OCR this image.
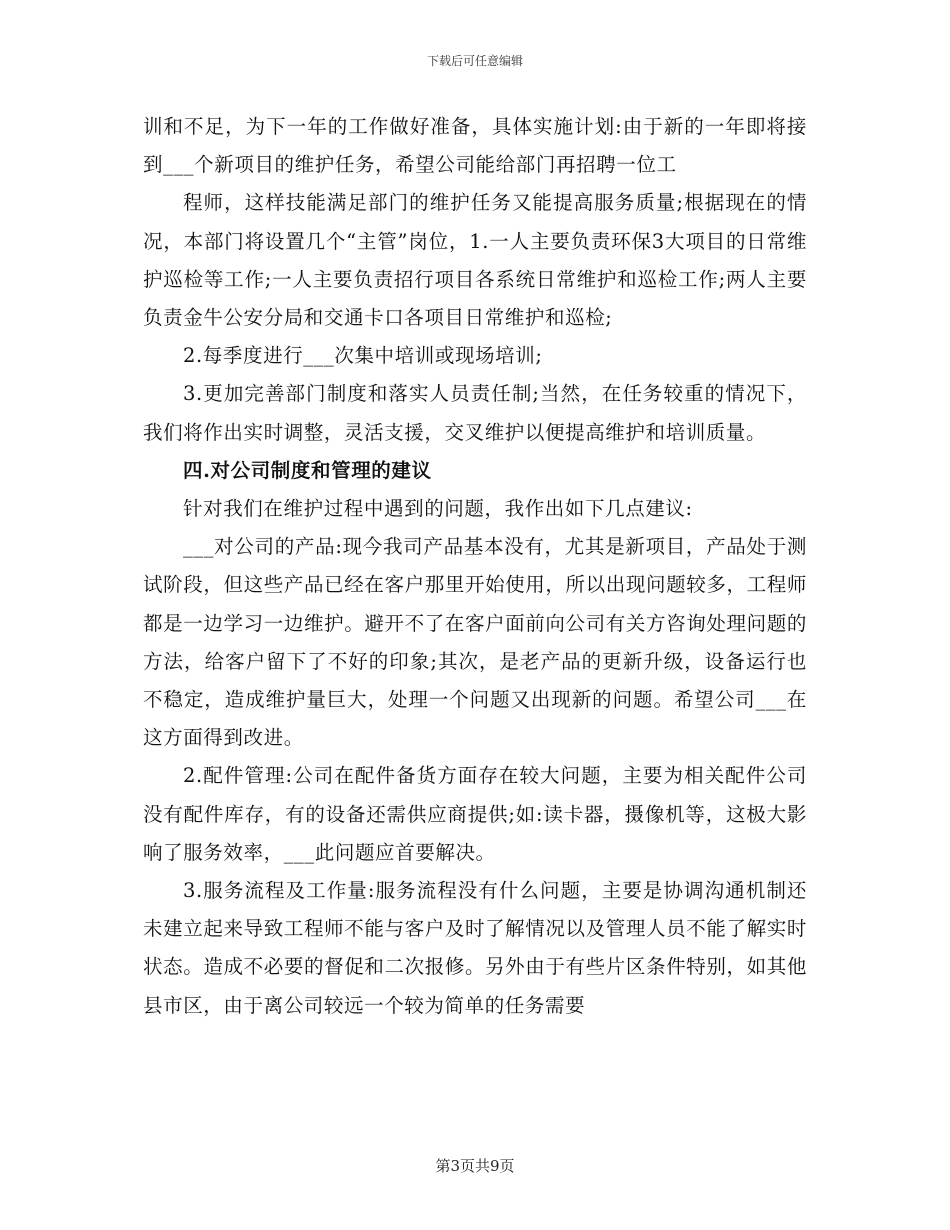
下载后可任意编辑

训和不足，为下一年的工作做好准备，具体实施计划:由于新的一年即将接到___个新项目的维护任务，希望公司能给部门再招聘一位工

程师，这样技能满足部门的维护任务又能提高服务质量;根据现在的情况，本部门将设置几个“主管”岗位，1.一人主要负责环保3大项目的日常维护巡检等工作;一人主要负责招行项目各系统日常维护和巡检工作;两人主要负责金牛公安分局和交通卡口各项目日常维护和巡检;

2.每季度进行___次集中培训或现场培训;

3.更加完善部门制度和落实人员责任制;当然，在任务较重的情况下，我们将作出实时调整，灵活支援，交叉维护以便提高维护和培训质量。

四.对公司制度和管理的建议

针对我们在维护过程中遇到的问题，我作出如下几点建议:

___对公司的产品:现今我司产品基本没有，尤其是新项目，产品处于测试阶段，但这些产品已经在客户那里开始使用，所以出现问题较多，工程师都是一边学习一边维护。避开不了在客户面前向公司有关方咨询处理问题的方法，给客户留下了不好的印象;其次，是老产品的更新升级，设备运行也不稳定，造成维护量巨大，处理一个问题又出现新的问题。希望公司___在这方面得到改进。

2.配件管理:公司在配件备货方面存在较大问题，主要为相关配件公司没有配件库存，有的设备还需供应商提供;如:读卡器，摄像机等，这极大影响了服务效率，___此问题应首要解决。

3.服务流程及工作量:服务流程没有什么问题，主要是协调沟通机制还未建立起来导致工程师不能与客户及时了解情况以及管理人员不能了解实时状态。造成不必要的督促和二次报修。另外由于有些片区条件特别，如其他县市区，由于离公司较远一个较为简单的任务需要

第3页共9页
